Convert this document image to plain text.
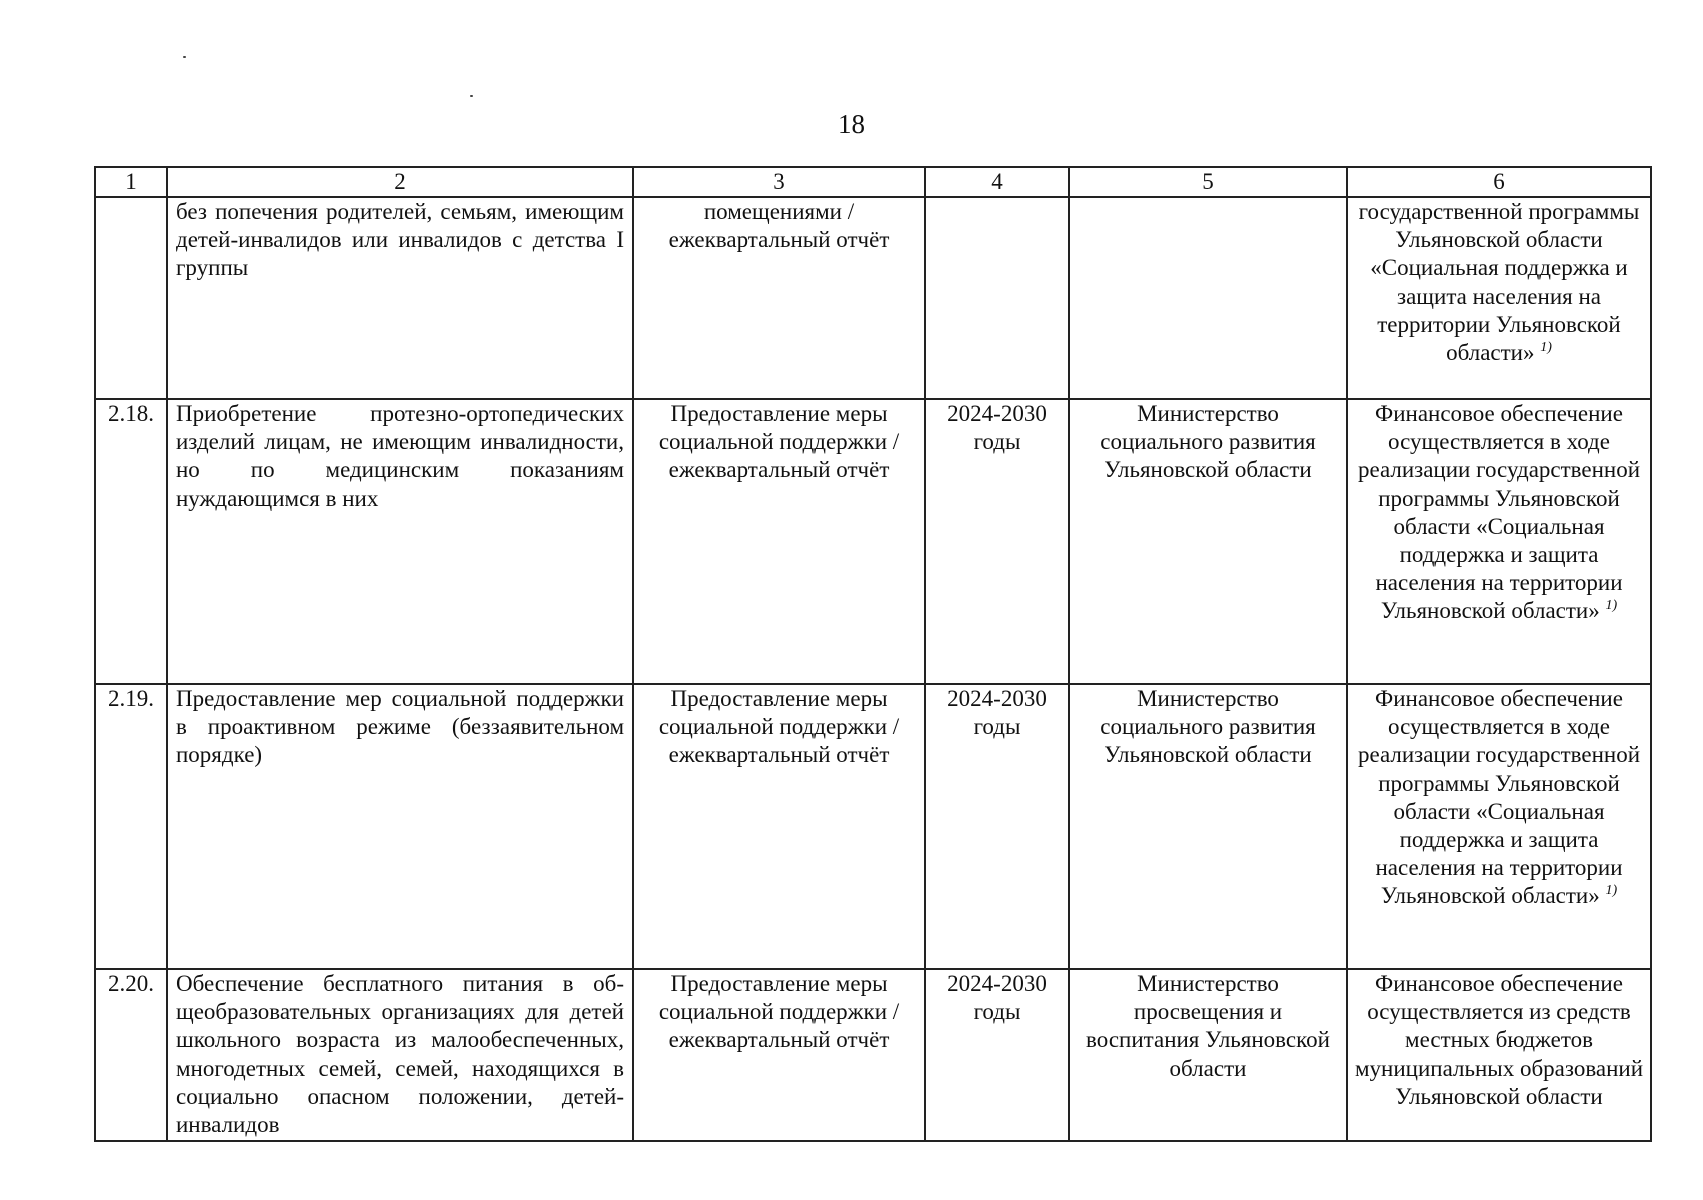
18
1	2	3	4	5	6
	без попечения родителей, семьям, имеющим детей-инвалидов или инвалидов с детства I группы	помещениями / ежеквартальный отчёт			государственной программы Ульяновской области «Социальная поддержка и защита населения на территории Ульяновской области» $^{1)}$
2.18.	Приобретение протезно-ортопедических изделий лицам, не имеющим инвалидности, но по медицинским показаниям нуждающимся в них	Предоставление меры социальной поддержки / ежеквартальный отчёт	2024-2030 годы	Министерство социального развития Ульяновской области	Финансовое обеспечение осуществляется в ходе реализации государственной программы Ульяновской области «Социальная поддержка и защита населения на территории Ульяновской области» $^{1)}$
2.19.	Предоставление мер социальной поддержки в проактивном режиме (беззаявительном порядке)	Предоставление меры социальной поддержки / ежеквартальный отчёт	2024-2030 годы	Министерство социального развития Ульяновской области	Финансовое обеспечение осуществляется в ходе реализации государственной программы Ульяновской области «Социальная поддержка и защита населения на территории Ульяновской области» $^{1)}$
2.20.	Обеспечение бесплатного питания в общеобразовательных организациях для детей школьного возраста из малообеспеченных, многодетных семей, семей, находящихся в социально опасном положении, детей-инвалидов	Предоставление меры социальной поддержки / ежеквартальный отчёт	2024-2030 годы	Министерство просвещения и воспитания Ульяновской области	Финансовое обеспечение осуществляется из средств местных бюджетов муниципальных образований Ульяновской области
